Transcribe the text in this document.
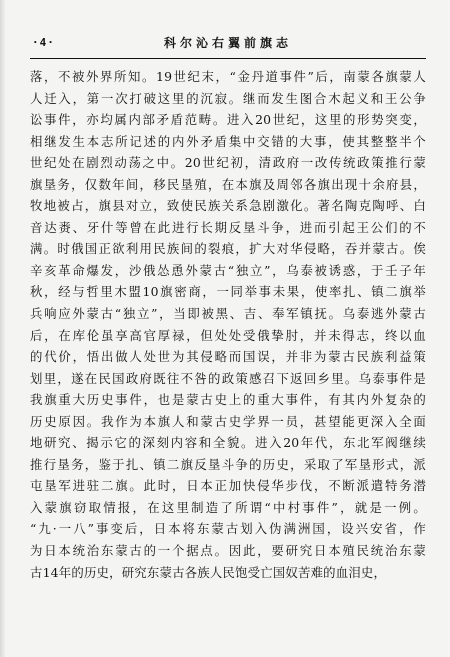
·4·	科尔沁右翼前旗志
落，不被外界所知。19世纪末，“金丹道事件”后，南蒙各旗蒙人
人迁入，第一次打破这里的沉寂。继而发生图合木起义和王公争
讼事件，亦均属内部矛盾范畴。进入20世纪，这里的形势突变，
相继发生本志所记述的内外矛盾集中交错的大事，使其整整半个
世纪处在剧烈动荡之中。20世纪初，清政府一改传统政策推行蒙
旗垦务，仅数年间，移民垦殖，在本旗及周邻各旗出现十余府县，
牧地被占，旗县对立，致使民族关系急剧激化。著名陶克陶呼、白
音达赉、牙什等曾在此进行长期反垦斗争，进而引起王公们的不
满。时俄国正欲利用民族间的裂痕，扩大对华侵略，吞并蒙古。俟
辛亥革命爆发，沙俄怂恿外蒙古“独立”，乌泰被诱惑，于壬子年
秋，经与哲里木盟10旗密商，一同举事未果，使率扎、镇二旗举
兵响应外蒙古“独立”，当即被黑、吉、奉军镇抚。乌泰逃外蒙古
后，在库伦虽享高官厚禄，但处处受俄挚肘，并未得志，终以血
的代价，悟出做人处世为其侵略而国误，并非为蒙古民族利益策
划里，遂在民国政府既往不咎的政策感召下返回乡里。乌泰事件是
我旗重大历史事件，也是蒙古史上的重大事件，有其内外复杂的
历史原因。我作为本旗人和蒙古史学界一员，甚望能更深入全面
地研究、揭示它的深刻内容和全貌。进入20年代，东北军阀继续
推行垦务，鉴于扎、镇二旗反垦斗争的历史，采取了军垦形式，派
屯垦军进驻二旗。此时，日本正加快侵华步伐，不断派遣特务潜
入蒙旗窃取情报，在这里制造了所谓“中村事件”，就是一例。
“九·一八”事变后，日本将东蒙古划入伪满洲国，设兴安省，作
为日本统治东蒙古的一个据点。因此，要研究日本殖民统治东蒙
古14年的历史，研究东蒙古各族人民饱受亡国奴苦难的血泪史，
